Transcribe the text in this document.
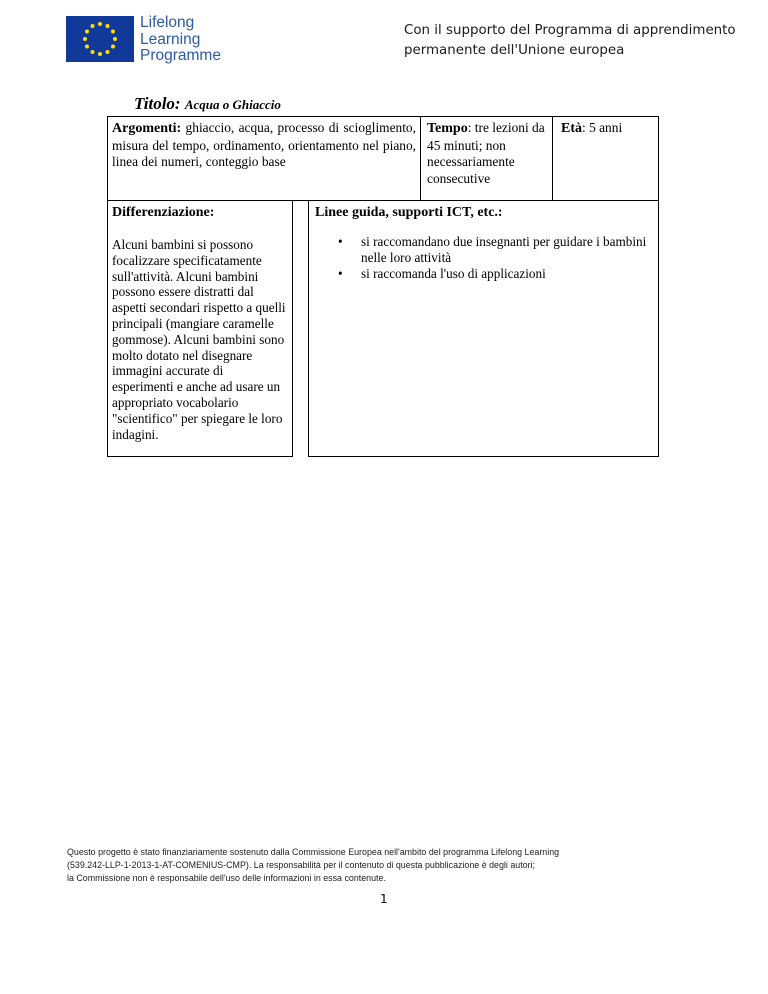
Lifelong
Learning
Programme
Con il supporto del Programma di apprendimento
permanente dell'Unione europea
Titolo: Acqua o Ghiaccio
Argomenti: ghiaccio, acqua, processo di scioglimento, misura del tempo, ordinamento, orientamento nel piano, linea dei numeri, conteggio base
Tempo: tre lezioni da 45 minuti; non necessariamente consecutive
Età: 5 anni
Differenziazione:
Alcuni bambini si possono focalizzare specificatamente sull'attività. Alcuni bambini possono essere distratti dal aspetti secondari rispetto a quelli principali (mangiare caramelle gommose). Alcuni bambini sono molto dotato nel disegnare immagini accurate di esperimenti e anche ad usare un appropriato vocabolario "scientifico" per spiegare le loro indagini.
Linee guida, supporti ICT, etc.:
• si raccomandano due insegnanti per guidare i bambini nelle loro attività
• si raccomanda l'uso di applicazioni
Questo progetto è stato finanziariamente sostenuto dalla Commissione Europea nell'ambito del programma Lifelong Learning
(539.242-LLP-1-2013-1-AT-COMENIUS-CMP). La responsabilità per il contenuto di questa pubblicazione è degli autori;
la Commissione non è responsabile dell'uso delle informazioni in essa contenute.
1
